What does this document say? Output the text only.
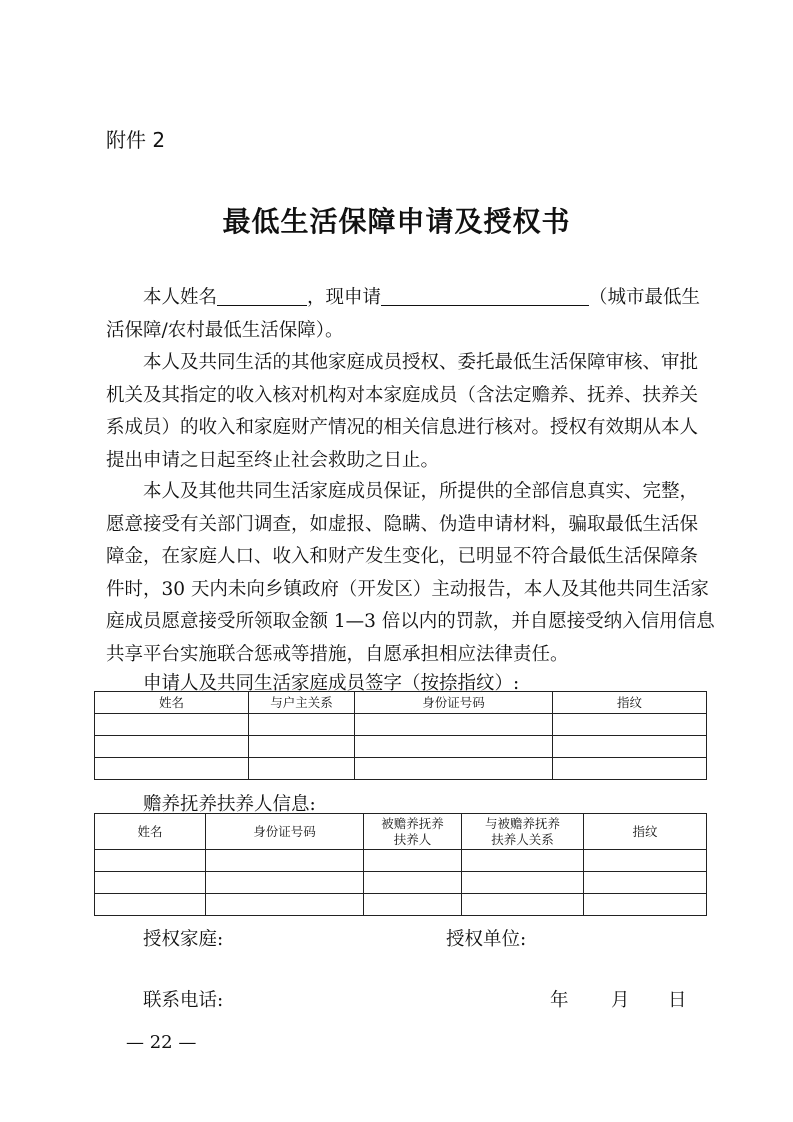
附件 2
最低生活保障申请及授权书
本人姓名	，现申请	（城市最低生
活保障/农村最低生活保障）。
本人及共同生活的其他家庭成员授权、委托最低生活保障审核、审批
机关及其指定的收入核对机构对本家庭成员（含法定赡养、抚养、扶养关
系成员）的收入和家庭财产情况的相关信息进行核对。授权有效期从本人
提出申请之日起至终止社会救助之日止。
本人及其他共同生活家庭成员保证，所提供的全部信息真实、完整，
愿意接受有关部门调查，如虚报、隐瞒、伪造申请材料，骗取最低生活保
障金，在家庭人口、收入和财产发生变化，已明显不符合最低生活保障条
件时，30 天内未向乡镇政府（开发区）主动报告，本人及其他共同生活家
庭成员愿意接受所领取金额 1—3 倍以内的罚款，并自愿接受纳入信用信息
共享平台实施联合惩戒等措施，自愿承担相应法律责任。
申请人及共同生活家庭成员签字（按捺指纹）:
姓名	与户主关系	身份证号码	指纹

赡养抚养扶养人信息:
姓名	身份证号码	被赡养抚养扶养人	与被赡养抚养扶养人关系	指纹

授权家庭:	授权单位:
联系电话:	年 月 日
— 22 —
